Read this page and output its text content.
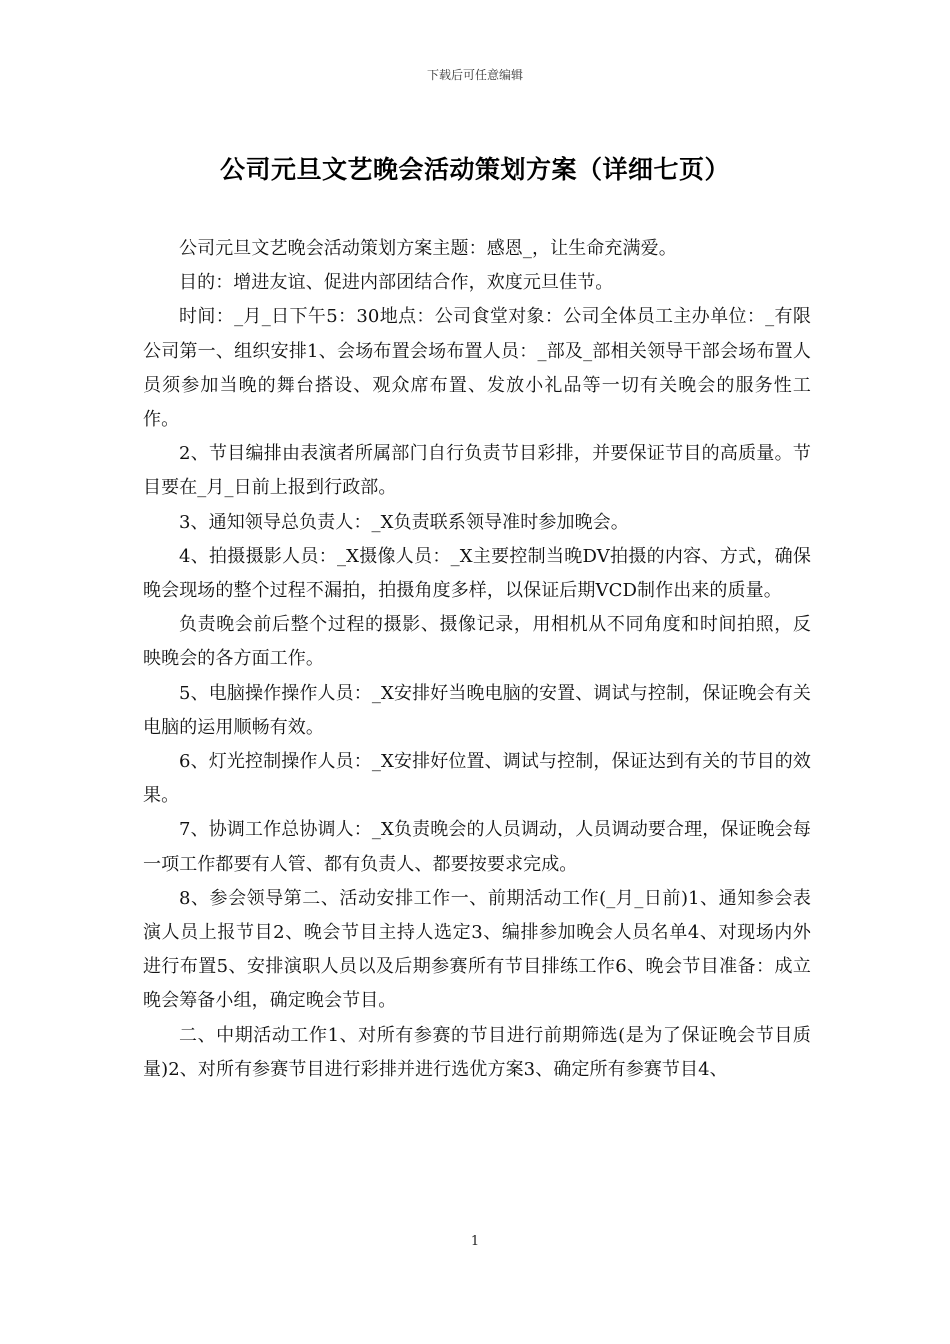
下载后可任意编辑
公司元旦文艺晚会活动策划方案（详细七页）

公司元旦文艺晚会活动策划方案主题：感恩_，让生命充满爱。

目的：增进友谊、促进内部团结合作，欢度元旦佳节。

时间：_月_日下午5：30地点：公司食堂对象：公司全体员工主办单位：_有限公司第一、组织安排1、会场布置会场布置人员：_部及_部相关领导干部会场布置人员须参加当晚的舞台搭设、观众席布置、发放小礼品等一切有关晚会的服务性工作。

2、节目编排由表演者所属部门自行负责节目彩排，并要保证节目的高质量。节目要在_月_日前上报到行政部。

3、通知领导总负责人：_X负责联系领导准时参加晚会。

4、拍摄摄影人员：_X摄像人员：_X主要控制当晚DV拍摄的内容、方式，确保晚会现场的整个过程不漏拍，拍摄角度多样，以保证后期VCD制作出来的质量。

负责晚会前后整个过程的摄影、摄像记录，用相机从不同角度和时间拍照，反映晚会的各方面工作。

5、电脑操作操作人员：_X安排好当晚电脑的安置、调试与控制，保证晚会有关电脑的运用顺畅有效。

6、灯光控制操作人员：_X安排好位置、调试与控制，保证达到有关的节目的效果。

7、协调工作总协调人：_X负责晚会的人员调动，人员调动要合理，保证晚会每一项工作都要有人管、都有负责人、都要按要求完成。

8、参会领导第二、活动安排工作一、前期活动工作(_月_日前)1、通知参会表演人员上报节目2、晚会节目主持人选定3、编排参加晚会人员名单4、对现场内外进行布置5、安排演职人员以及后期参赛所有节目排练工作6、晚会节目准备：成立晚会筹备小组，确定晚会节目。

二、中期活动工作1、对所有参赛的节目进行前期筛选(是为了保证晚会节目质量)2、对所有参赛节目进行彩排并进行选优方案3、确定所有参赛节目4、

1
